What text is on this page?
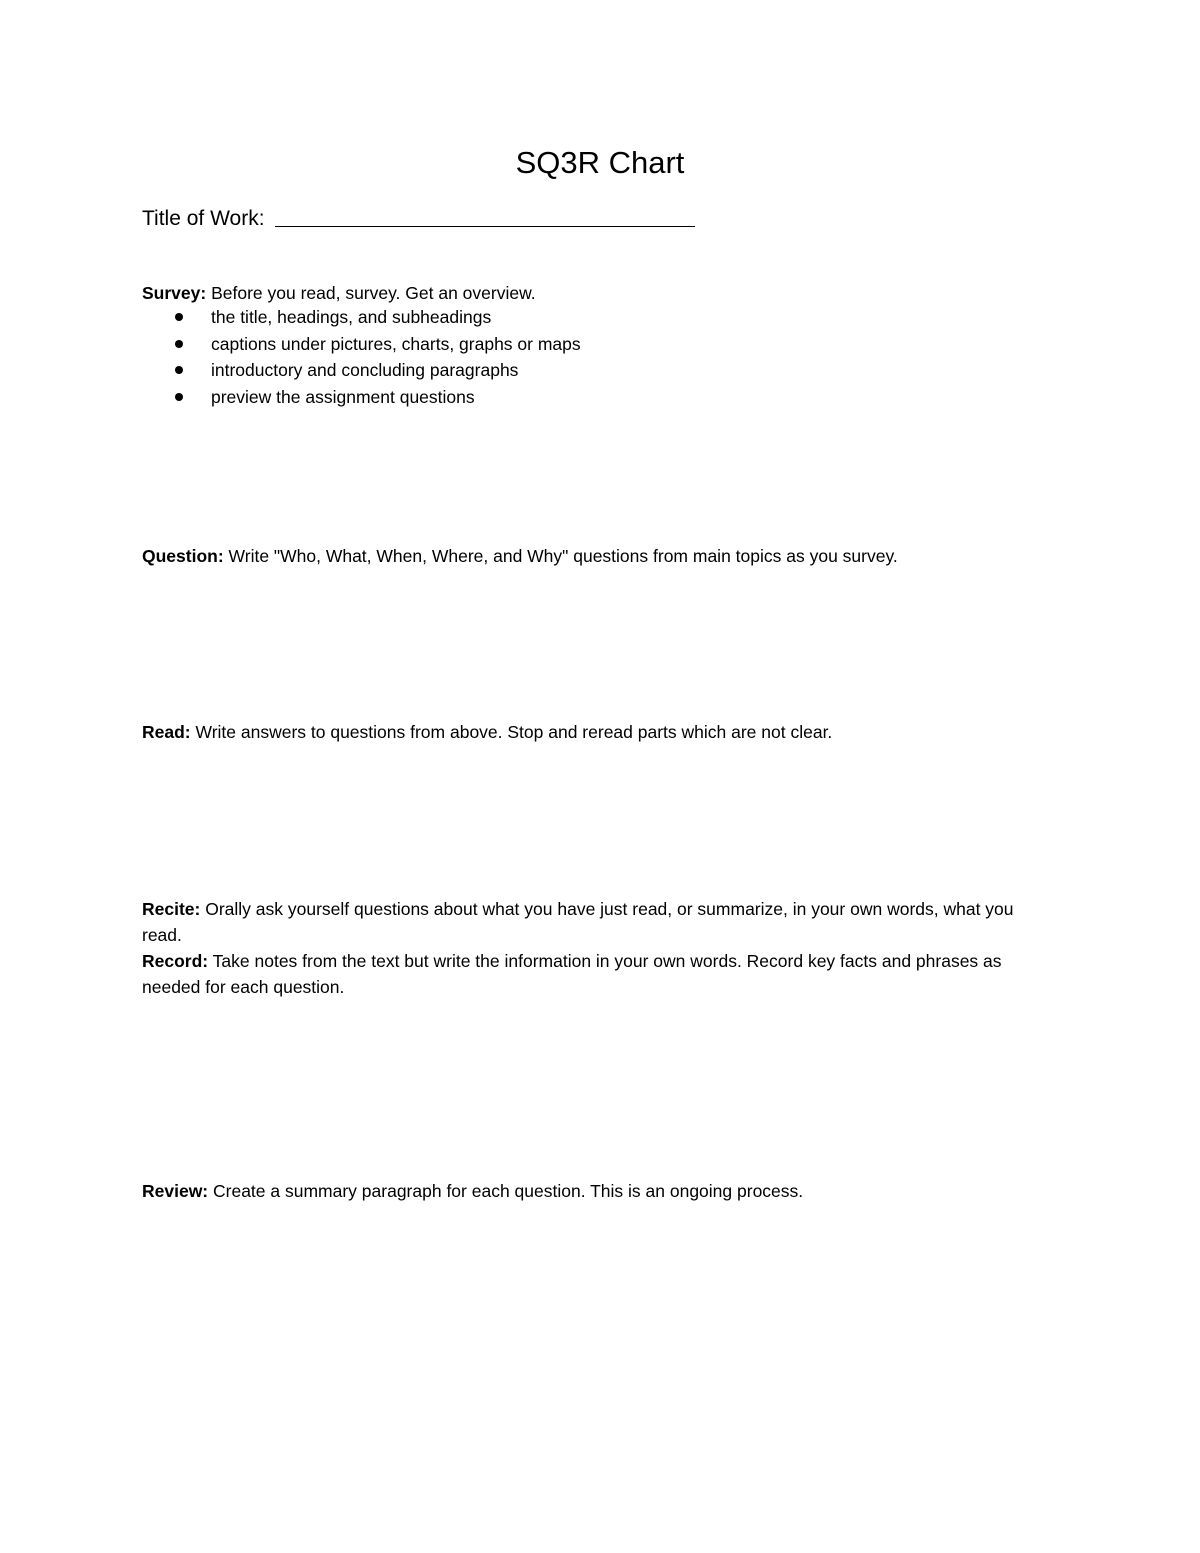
SQ3R Chart
Title of Work:

Survey: Before you read, survey. Get an overview.

the title, headings, and subheadings
captions under pictures, charts, graphs or maps
introductory and concluding paragraphs
preview the assignment questions

Question: Write "Who, What, When, Where, and Why" questions from main topics as you survey.

Read: Write answers to questions from above. Stop and reread parts which are not clear.

Recite: Orally ask yourself questions about what you have just read, or summarize, in your own words, what you read.

Record: Take notes from the text but write the information in your own words. Record key facts and phrases as needed for each question.

Review: Create a summary paragraph for each question. This is an ongoing process.
